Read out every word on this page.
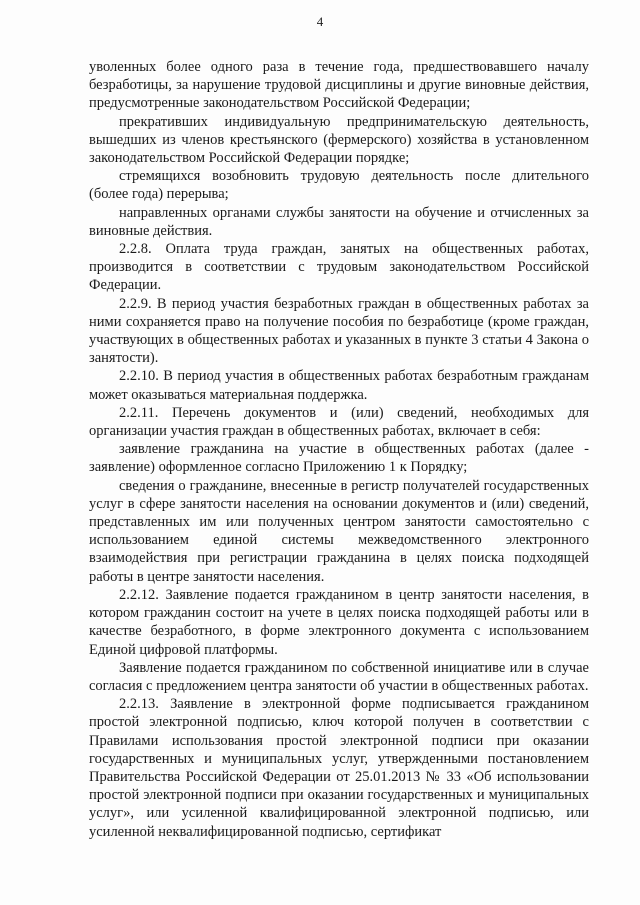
4

уволенных более одного раза в течение года, предшествовавшего началу безработицы, за нарушение трудовой дисциплины и другие виновные действия, предусмотренные законодательством Российской Федерации;

прекративших индивидуальную предпринимательскую деятельность, вышедших из членов крестьянского (фермерского) хозяйства в установленном законодательством Российской Федерации порядке;

стремящихся возобновить трудовую деятельность после длительного (более года) перерыва;

направленных органами службы занятости на обучение и отчисленных за виновные действия.

2.2.8. Оплата труда граждан, занятых на общественных работах, производится в соответствии с трудовым законодательством Российской Федерации.

2.2.9. В период участия безработных граждан в общественных работах за ними сохраняется право на получение пособия по безработице (кроме граждан, участвующих в общественных работах и указанных в пункте 3 статьи 4 Закона о занятости).

2.2.10. В период участия в общественных работах безработным гражданам может оказываться материальная поддержка.

2.2.11. Перечень документов и (или) сведений, необходимых для организации участия граждан в общественных работах, включает в себя:

заявление гражданина на участие в общественных работах (далее - заявление) оформленное согласно Приложению 1 к Порядку;

сведения о гражданине, внесенные в регистр получателей государственных услуг в сфере занятости населения на основании документов и (или) сведений, представленных им или полученных центром занятости самостоятельно с использованием единой системы межведомственного электронного взаимодействия при регистрации гражданина в целях поиска подходящей работы в центре занятости населения.

2.2.12. Заявление подается гражданином в центр занятости населения, в котором гражданин состоит на учете в целях поиска подходящей работы или в качестве безработного, в форме электронного документа с использованием Единой цифровой платформы.

Заявление подается гражданином по собственной инициативе или в случае согласия с предложением центра занятости об участии в общественных работах.

2.2.13. Заявление в электронной форме подписывается гражданином простой электронной подписью, ключ которой получен в соответствии с Правилами использования простой электронной подписи при оказании государственных и муниципальных услуг, утвержденными постановлением Правительства Российской Федерации от 25.01.2013 № 33 «Об использовании простой электронной подписи при оказании государственных и муниципальных услуг», или усиленной квалифицированной электронной подписью, или усиленной неквалифицированной подписью, сертификат
